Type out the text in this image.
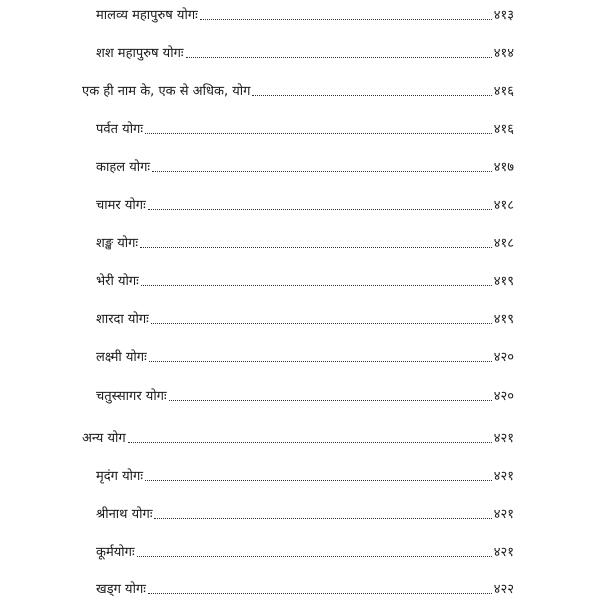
मालव्य महापुरुष योगः	४१३
शश महापुरुष योगः	४१४
एक ही नाम के, एक से अधिक, योग	४१६
पर्वत योगः	४१६
काहल योगः	४१७
चामर योगः	४१८
शङ्ख योगः	४१८
भेरी योगः	४१९
शारदा योगः	४१९
लक्ष्मी योगः	४२०
चतुस्सागर योगः	४२०
अन्य योग	४२१
मृदंग योगः	४२१
श्रीनाथ योगः	४२१
कूर्मयोगः	४२१
खड्ग योगः	४२२
